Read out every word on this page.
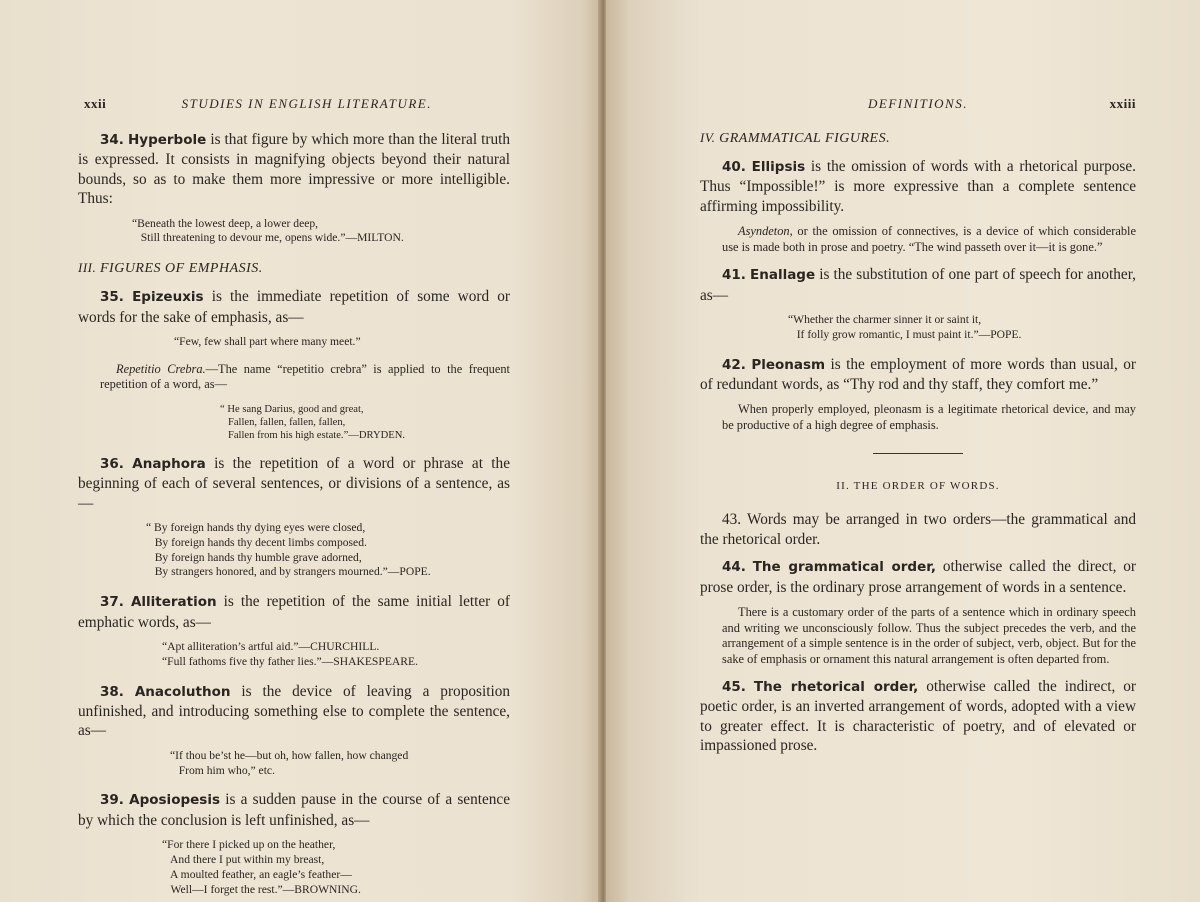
xxii	STUDIES IN ENGLISH LITERATURE.

34. Hyperbole is that figure by which more than the literal truth is expressed. It consists in magnifying objects beyond their natural bounds, so as to make them more impressive or more intelligible. Thus:

“Beneath the lowest deep, a lower deep,
Still threatening to devour me, opens wide.”—MILTON.
III. FIGURES OF EMPHASIS.

35. Epizeuxis is the immediate repetition of some word or words for the sake of emphasis, as—

“Few, few shall part where many meet.”

Repetitio Crebra.—The name “repetitio crebra” is applied to the frequent repetition of a word, as—

“ He sang Darius, good and great,
Fallen, fallen, fallen, fallen,
Fallen from his high estate.”—DRYDEN.

36. Anaphora is the repetition of a word or phrase at the beginning of each of several sentences, or divisions of a sentence, as—

“ By foreign hands thy dying eyes were closed,
By foreign hands thy decent limbs composed.
By foreign hands thy humble grave adorned,
By strangers honored, and by strangers mourned.”—POPE.

37. Alliteration is the repetition of the same initial letter of emphatic words, as—

“Apt alliteration’s artful aid.”—CHURCHILL.
“Full fathoms five thy father lies.”—SHAKESPEARE.

38. Anacoluthon is the device of leaving a proposition unfinished, and introducing something else to complete the sentence, as—

“If thou be’st he—but oh, how fallen, how changed
From him who,” etc.

39. Aposiopesis is a sudden pause in the course of a sentence by which the conclusion is left unfinished, as—

“For there I picked up on the heather,
And there I put within my breast,
A moulted feather, an eagle’s feather—
Well—I forget the rest.”—BROWNING.
DEFINITIONS.	xxiii
IV. GRAMMATICAL FIGURES.

40. Ellipsis is the omission of words with a rhetorical purpose. Thus “Impossible!” is more expressive than a complete sentence affirming impossibility.

Asyndeton, or the omission of connectives, is a device of which considerable use is made both in prose and poetry. “The wind passeth over it—it is gone.”

41. Enallage is the substitution of one part of speech for another, as—

“Whether the charmer sinner it or saint it,
If folly grow romantic, I must paint it.”—POPE.

42. Pleonasm is the employment of more words than usual, or of redundant words, as “Thy rod and thy staff, they comfort me.”

When properly employed, pleonasm is a legitimate rhetorical device, and may be productive of a high degree of emphasis.

II. THE ORDER OF WORDS.

43. Words may be arranged in two orders—the grammatical and the rhetorical order.

44. The grammatical order, otherwise called the direct, or prose order, is the ordinary prose arrangement of words in a sentence.

There is a customary order of the parts of a sentence which in ordinary speech and writing we unconsciously follow. Thus the subject precedes the verb, and the arrangement of a simple sentence is in the order of subject, verb, object. But for the sake of emphasis or ornament this natural arrangement is often departed from.

45. The rhetorical order, otherwise called the indirect, or poetic order, is an inverted arrangement of words, adopted with a view to greater effect. It is characteristic of poetry, and of elevated or impassioned prose.
